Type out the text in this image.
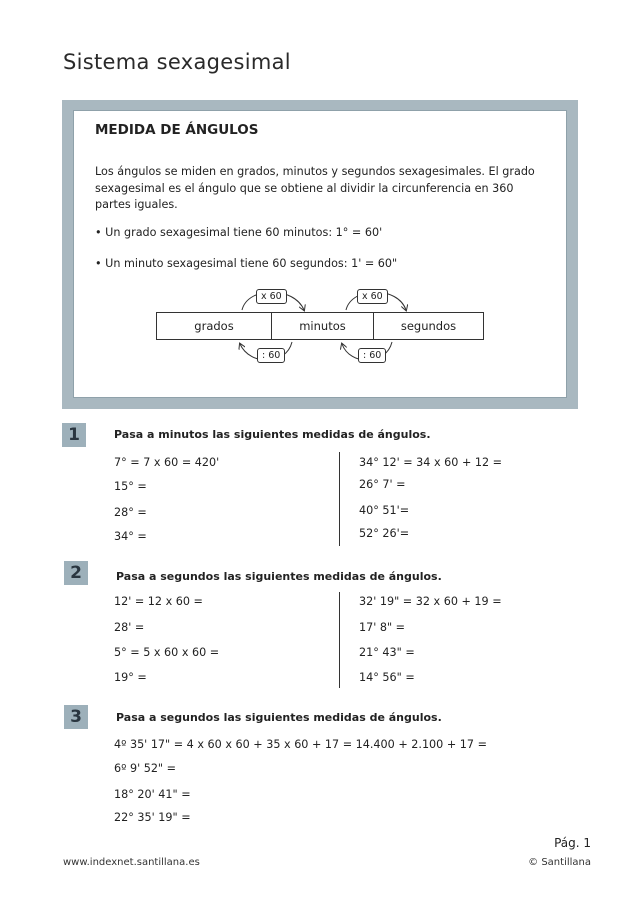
Sistema sexagesimal
MEDIDA DE ÁNGULOS
Los ángulos se miden en grados, minutos y segundos sexagesimales. El grado sexagesimal es el ángulo que se obtiene al dividir la circunferencia en 360 partes iguales.
• Un grado sexagesimal tiene 60 minutos: 1° = 60'
• Un minuto sexagesimal tiene 60 segundos: 1' = 60"
grados	minutos	segundos
x 60	x 60
: 60	: 60
1	Pasa a minutos las siguientes medidas de ángulos.
7° = 7 x 60 = 420'
15° =
28° =
34° =
34° 12' = 34 x 60 + 12 =
26° 7' =
40° 51'=
52° 26'=
2	Pasa a segundos las siguientes medidas de ángulos.
12' = 12 x 60 =
28' =
5° = 5 x 60 x 60 =
19° =
32' 19" = 32 x 60 + 19 =
17' 8" =
21° 43" =
14° 56" =
3	Pasa a segundos las siguientes medidas de ángulos.
4º 35' 17" = 4 x 60 x 60 + 35 x 60 + 17 = 14.400 + 2.100 + 17 =
6º 9' 52" =
18° 20' 41" =
22° 35' 19" =
Pág. 1
www.indexnet.santillana.es	© Santillana
